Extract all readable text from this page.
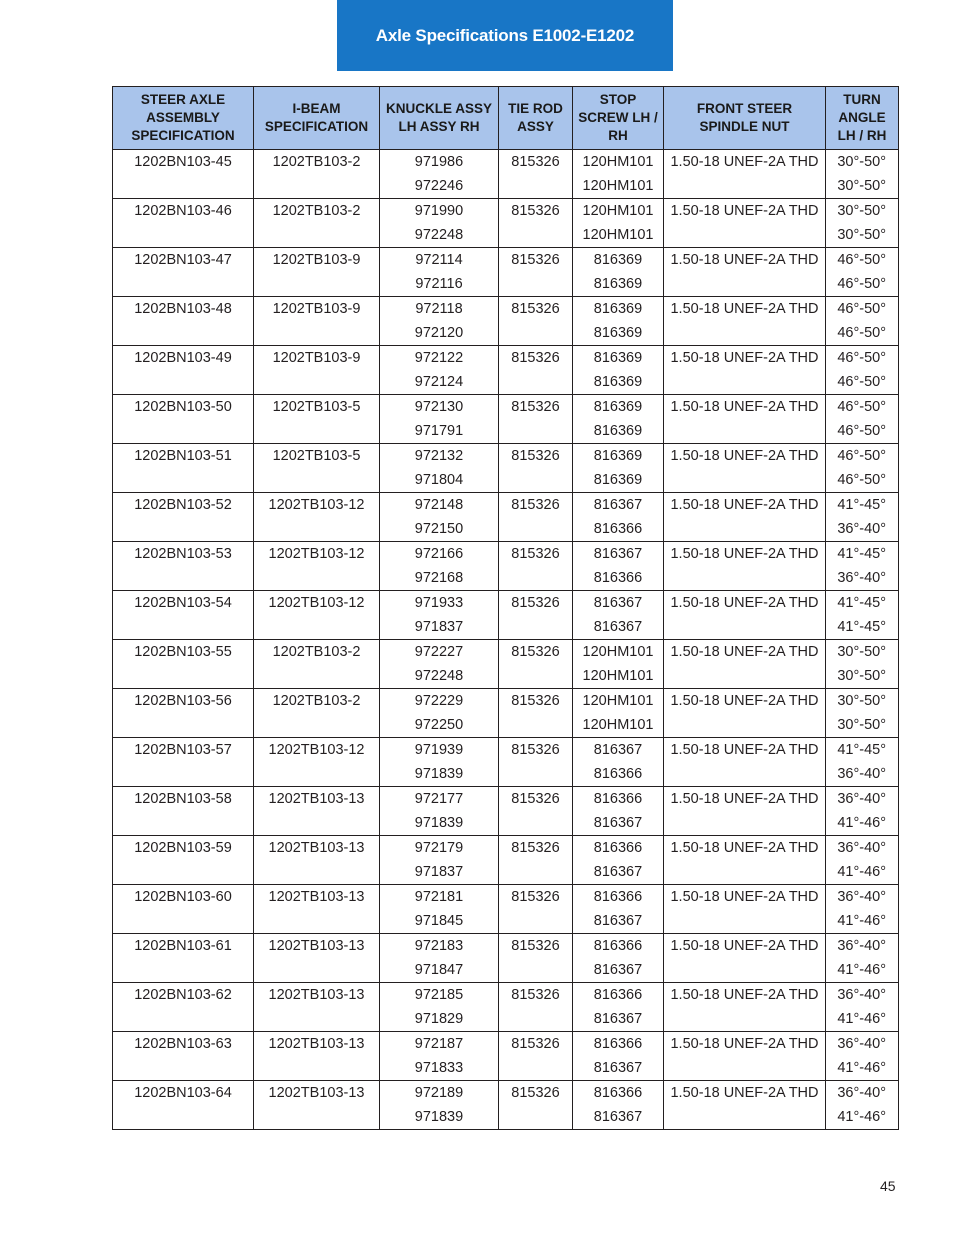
Axle Specifications E1002-E1202
STEER AXLE ASSEMBLY SPECIFICATION	I-BEAM SPECIFICATION	KNUCKLE ASSY LH ASSY RH	TIE ROD ASSY	STOP SCREW LH / RH	FRONT STEER SPINDLE NUT	TURN ANGLE LH / RH
1202BN103-45	1202TB103-2	971986	815326	120HM101	1.50-18 UNEF-2A THD	30°-50°
		972246		120HM101		30°-50°
1202BN103-46	1202TB103-2	971990	815326	120HM101	1.50-18 UNEF-2A THD	30°-50°
		972248		120HM101		30°-50°
1202BN103-47	1202TB103-9	972114	815326	816369	1.50-18 UNEF-2A THD	46°-50°
		972116		816369		46°-50°
1202BN103-48	1202TB103-9	972118	815326	816369	1.50-18 UNEF-2A THD	46°-50°
		972120		816369		46°-50°
1202BN103-49	1202TB103-9	972122	815326	816369	1.50-18 UNEF-2A THD	46°-50°
		972124		816369		46°-50°
1202BN103-50	1202TB103-5	972130	815326	816369	1.50-18 UNEF-2A THD	46°-50°
		971791		816369		46°-50°
1202BN103-51	1202TB103-5	972132	815326	816369	1.50-18 UNEF-2A THD	46°-50°
		971804		816369		46°-50°
1202BN103-52	1202TB103-12	972148	815326	816367	1.50-18 UNEF-2A THD	41°-45°
		972150		816366		36°-40°
1202BN103-53	1202TB103-12	972166	815326	816367	1.50-18 UNEF-2A THD	41°-45°
		972168		816366		36°-40°
1202BN103-54	1202TB103-12	971933	815326	816367	1.50-18 UNEF-2A THD	41°-45°
		971837		816367		41°-45°
1202BN103-55	1202TB103-2	972227	815326	120HM101	1.50-18 UNEF-2A THD	30°-50°
		972248		120HM101		30°-50°
1202BN103-56	1202TB103-2	972229	815326	120HM101	1.50-18 UNEF-2A THD	30°-50°
		972250		120HM101		30°-50°
1202BN103-57	1202TB103-12	971939	815326	816367	1.50-18 UNEF-2A THD	41°-45°
		971839		816366		36°-40°
1202BN103-58	1202TB103-13	972177	815326	816366	1.50-18 UNEF-2A THD	36°-40°
		971839		816367		41°-46°
1202BN103-59	1202TB103-13	972179	815326	816366	1.50-18 UNEF-2A THD	36°-40°
		971837		816367		41°-46°
1202BN103-60	1202TB103-13	972181	815326	816366	1.50-18 UNEF-2A THD	36°-40°
		971845		816367		41°-46°
1202BN103-61	1202TB103-13	972183	815326	816366	1.50-18 UNEF-2A THD	36°-40°
		971847		816367		41°-46°
1202BN103-62	1202TB103-13	972185	815326	816366	1.50-18 UNEF-2A THD	36°-40°
		971829		816367		41°-46°
1202BN103-63	1202TB103-13	972187	815326	816366	1.50-18 UNEF-2A THD	36°-40°
		971833		816367		41°-46°
1202BN103-64	1202TB103-13	972189	815326	816366	1.50-18 UNEF-2A THD	36°-40°
		971839		816367		41°-46°
45
